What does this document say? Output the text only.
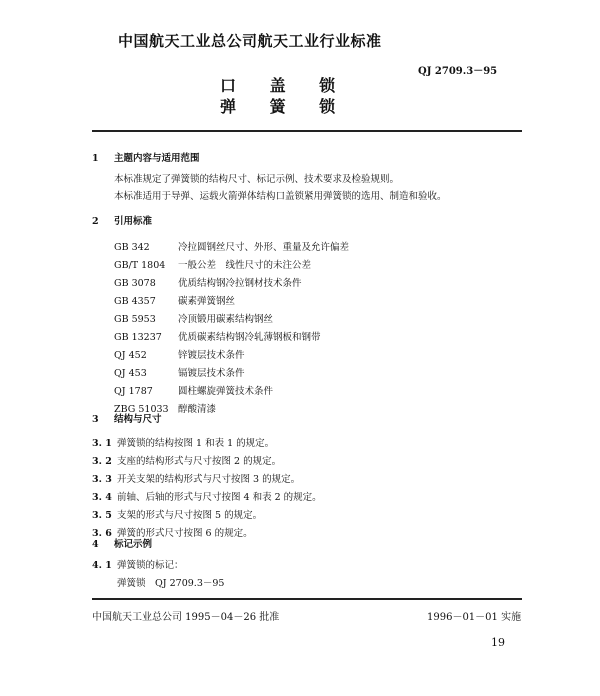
中国航天工业总公司航天工业行业标准
QJ 2709.3－95
口 盖 锁
弹 簧 锁
1 主题内容与适用范围
本标准规定了弹簧锁的结构尺寸、标记示例、技术要求及检验规则。
本标准适用于导弹、运载火箭弹体结构口盖锁紧用弹簧锁的选用、制造和验收。
2 引用标准
GB 342	冷拉圆钢丝尺寸、外形、重量及允许偏差
GB/T 1804 一般公差　线性尺寸的未注公差
GB 3078 优质结构钢冷拉钢材技术条件
GB 4357 碳素弹簧钢丝
GB 5953 冷顶锻用碳素结构钢丝
GB 13237 优质碳素结构钢冷轧薄钢板和钢带
QJ 452	锌镀层技术条件
QJ 453	镉镀层技术条件
QJ 1787	圆柱螺旋弹簧技术条件
ZBG 51033 醇酸清漆
3 结构与尺寸
3. 1 弹簧锁的结构按图 1 和表 1 的规定。
3. 2 支座的结构形式与尺寸按图 2 的规定。
3. 3 开关支架的结构形式与尺寸按图 3 的规定。
3. 4 前轴、后轴的形式与尺寸按图 4 和表 2 的规定。
3. 5 支架的形式与尺寸按图 5 的规定。
3. 6 弹簧的形式尺寸按图 6 的规定。
4 标记示例
中国航天工业总公司 1995－04－26 批准	1996－01－01 实施
19
4. 1 弹簧锁的标记：
弹簧锁　QJ 2709.3－95
